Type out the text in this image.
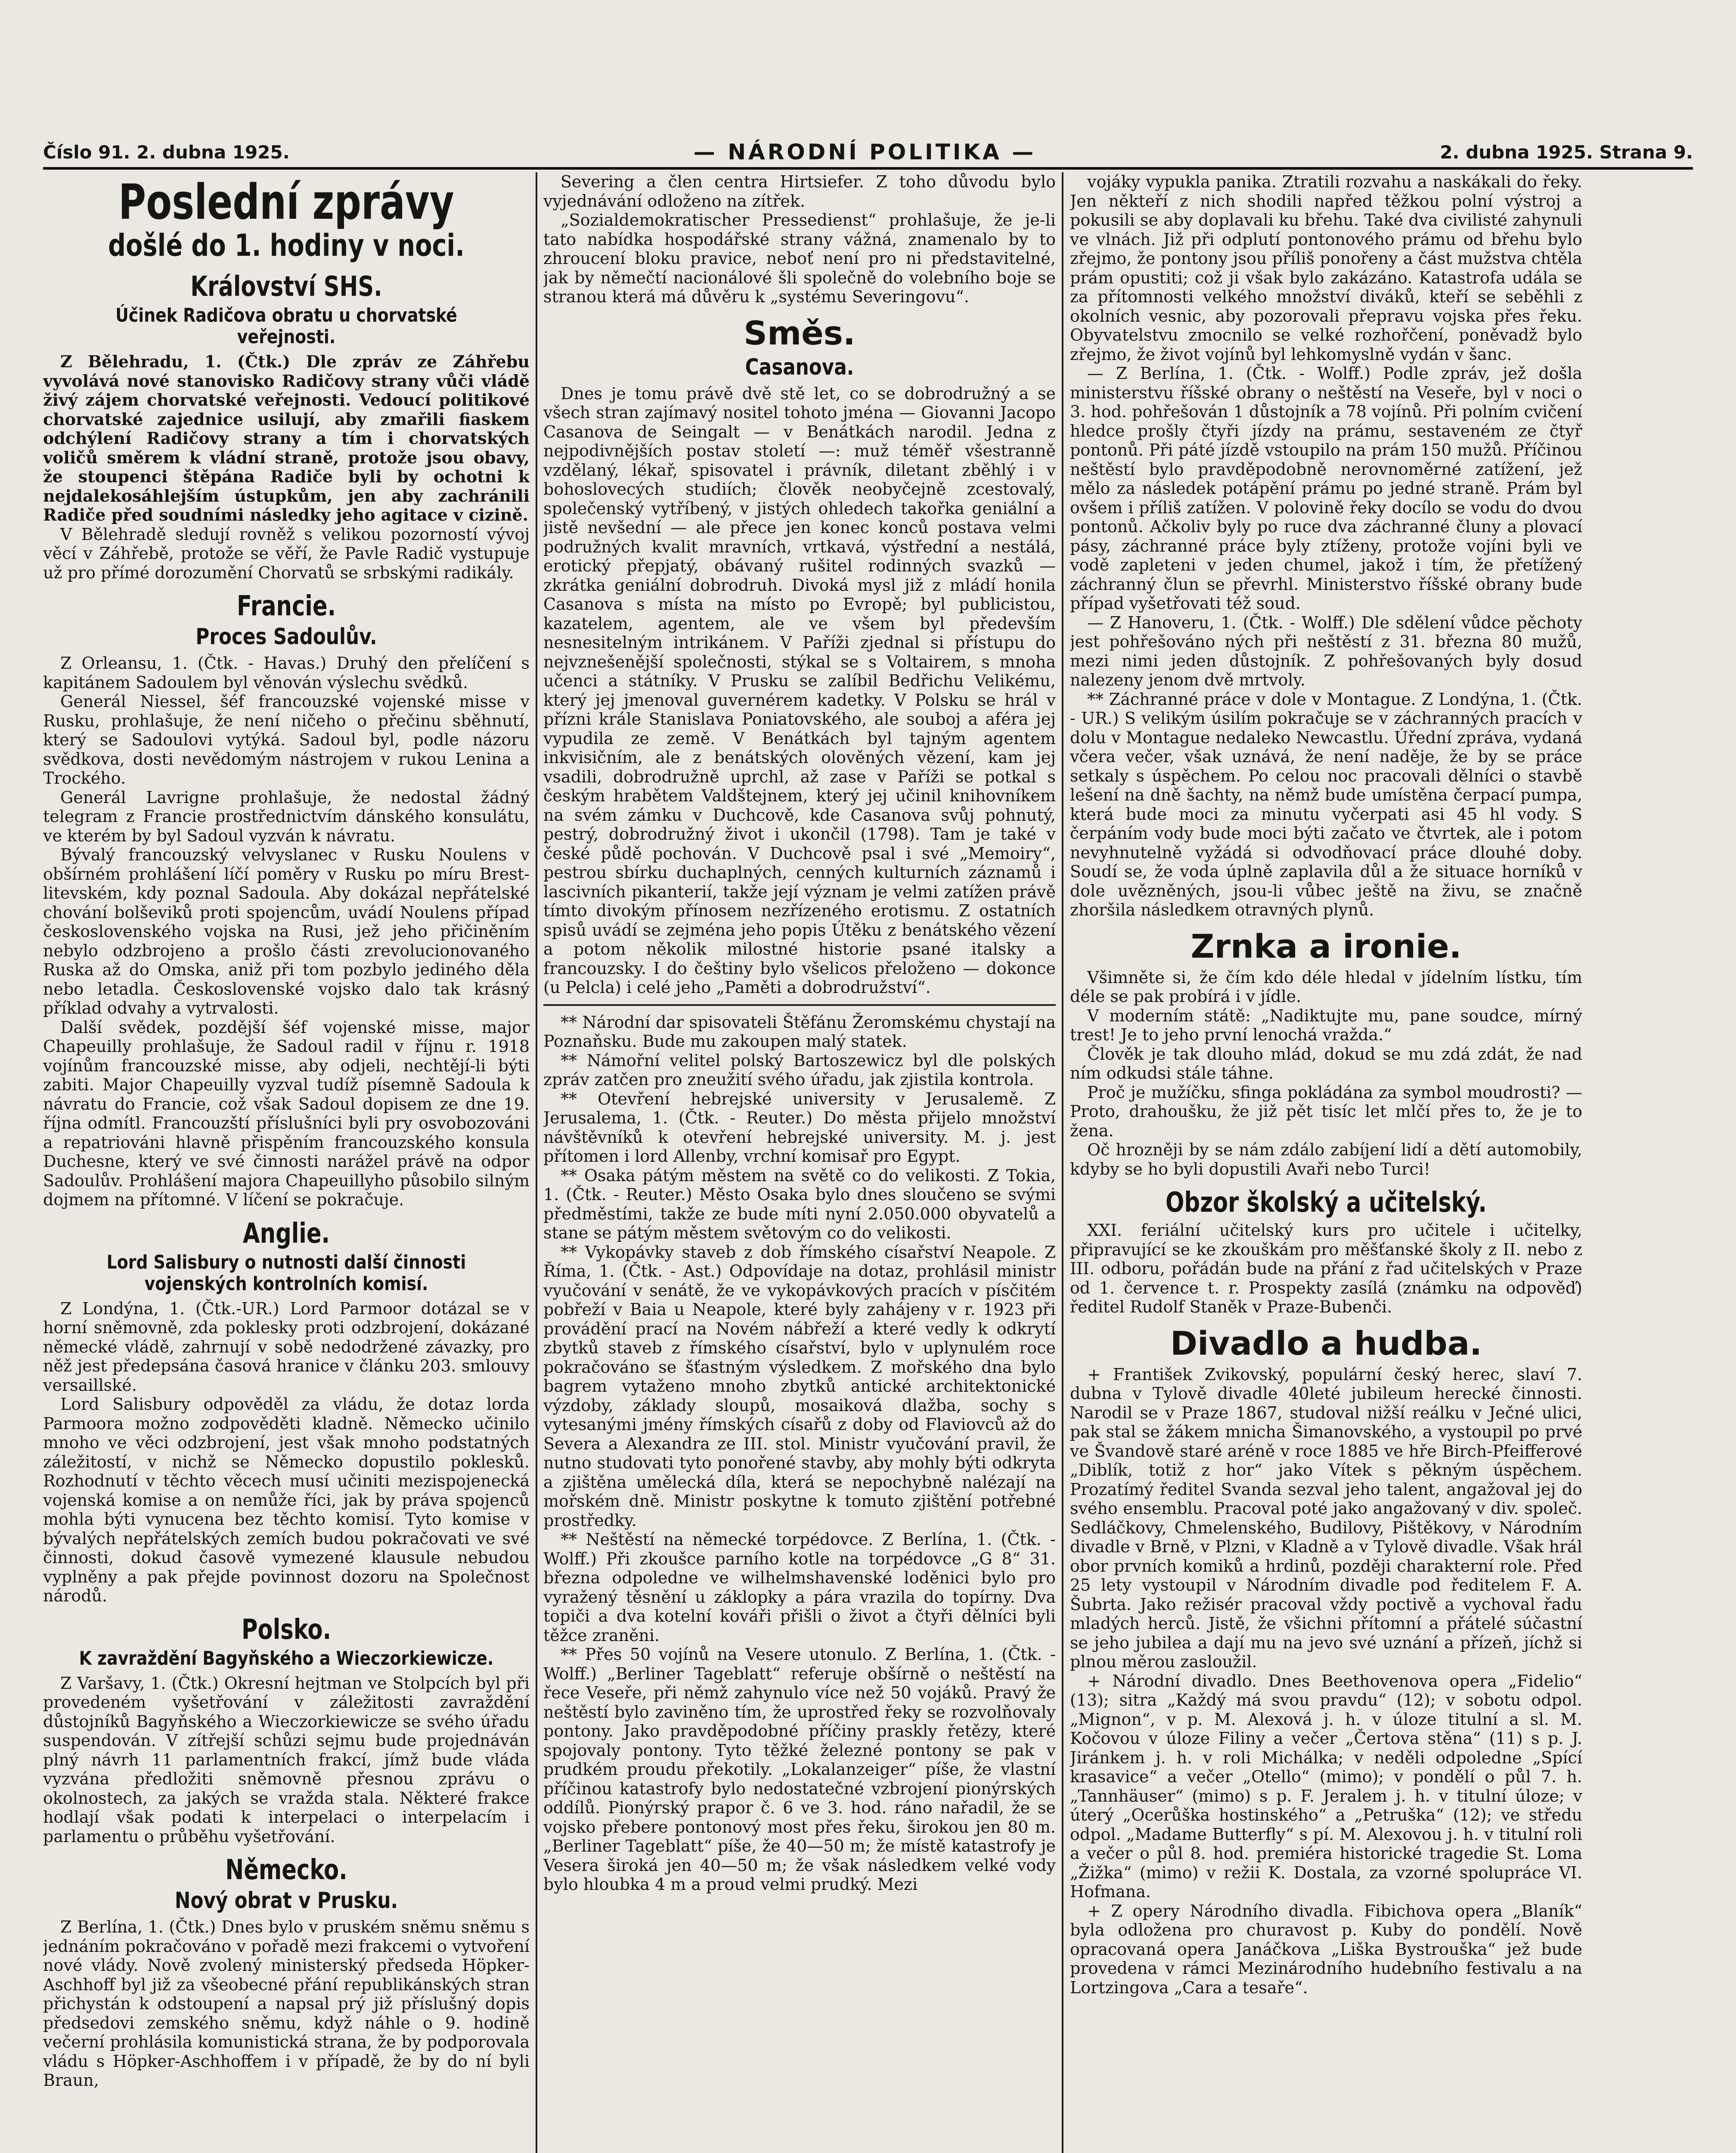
Číslo 91. 2. dubna 1925.	— NÁRODNÍ POLITIKA —	2. dubna 1925. Strana 9.
Poslední zprávy
došlé do 1. hodiny v noci.
Království SHS.
Účinek Radičova obratu u chorvatské veřejnosti.

Z Bělehradu, 1. (Čtk.) Dle zpráv ze Záhřebu vyvolává nové stanovisko Radičovy strany vůči vládě živý zájem chorvatské veřejnosti. Vedoucí politikové chorvatské zajednice usilují, aby zmařili fiaskem odchýlení Radičovy strany a tím i chorvatských voličů směrem k vládní straně, protože jsou obavy, že stoupenci štěpána Radiče byli by ochotni k nejdalekosáhlejším ústupkům, jen aby zachránili Radiče před soudními následky jeho agitace v cizině.

V Bělehradě sledují rovněž s velikou pozorností vývoj věcí v Záhřebě, protože se věří, že Pavle Radič vystupuje už pro přímé dorozumění Chorvatů se srbskými radikály.

Francie.
Proces Sadoulův.

Z Orleansu, 1. (Čtk. - Havas.) Druhý den přelíčení s kapitánem Sadoulem byl věnován výslechu svědků.

Generál Niessel, šéf francouzské vojenské misse v Rusku, prohlašuje, že není ničeho o přečinu sběhnutí, který se Sadoulovi vytýká. Sadoul byl, podle názoru svědkova, dosti nevědomým nástrojem v rukou Lenina a Trockého.

Generál Lavrigne prohlašuje, že nedostal žádný telegram z Francie prostřednictvím dánského konsulátu, ve kterém by byl Sadoul vyzván k návratu.

Bývalý francouzský velvyslanec v Rusku Noulens v obšírném prohlášení líčí poměry v Rusku po míru Brest-litevském, kdy poznal Sadoula. Aby dokázal nepřátelské chování bolševiků proti spojencům, uvádí Noulens případ československého vojska na Rusi, jež jeho přičiněním nebylo odzbrojeno a prošlo části zrevolucionovaného Ruska až do Omska, aniž při tom pozbylo jediného děla nebo letadla. Československé vojsko dalo tak krásný příklad odvahy a vytrvalosti.

Další svědek, pozdější šéf vojenské misse, major Chapeuilly prohlašuje, že Sadoul radil v říjnu r. 1918 vojínům francouzské misse, aby odjeli, nechtějí-li býti zabiti. Major Chapeuilly vyzval tudíž písemně Sadoula k návratu do Francie, což však Sadoul dopisem ze dne 19. října odmítl. Francouzští příslušníci byli pry osvobozováni a repatriováni hlavně přispěním francouzského konsula Duchesne, který ve své činnosti narážel právě na odpor Sadoulův. Prohlášení majora Chapeuillyho působilo silným dojmem na přítomné. V líčení se pokračuje.

Anglie.
Lord Salisbury o nutnosti další činnosti vojenských kontrolních komisí.

Z Londýna, 1. (Čtk.-UR.) Lord Parmoor dotázal se v horní sněmovně, zda poklesky proti odzbrojení, dokázané německé vládě, zahrnují v sobě nedodržené závazky, pro něž jest předepsána časová hranice v článku 203. smlouvy versaillské.

Lord Salisbury odpověděl za vládu, že dotaz lorda Parmoora možno zodpověděti kladně. Německo učinilo mnoho ve věci odzbrojení, jest však mnoho podstatných záležitostí, v nichž se Německo dopustilo poklesků. Rozhodnutí v těchto věcech musí učiniti mezispojenecká vojenská komise a on nemůže říci, jak by práva spojenců mohla býti vynucena bez těchto komisí. Tyto komise v bývalých nepřátelských zemích budou pokračovati ve své činnosti, dokud časově vymezené klausule nebudou vyplněny a pak přejde povinnost dozoru na Společnost národů.

Polsko.
K zavraždění Bagyňského a Wieczorkiewicze.

Z Varšavy, 1. (Čtk.) Okresní hejtman ve Stolpcích byl při provedeném vyšetřování v záležitosti zavraždění důstojníků Bagyňského a Wieczorkiewicze se svého úřadu suspendován. V zítřejší schůzi sejmu bude projednáván plný návrh 11 parlamentních frakcí, jímž bude vláda vyzvána předložiti sněmovně přesnou zprávu o okolnostech, za jakých se vražda stala. Některé frakce hodlají však podati k interpelaci o interpelacím i parlamentu o průběhu vyšetřování.

Německo.
Nový obrat v Prusku.

Z Berlína, 1. (Čtk.) Dnes bylo v pruském sněmu sněmu s jednáním pokračováno v pořadě mezi frakcemi o vytvoření nové vlády. Nově zvolený ministerský předseda Höpker-Aschhoff byl již za všeobecné přání republikánských stran přichystán k odstoupení a napsal prý již příslušný dopis předsedovi zemského sněmu, když náhle o 9. hodině večerní prohlásila komunistická strana, že by podporovala vládu s Höpker-Aschhoffem i v případě, že by do ní byli Braun,

Severing a člen centra Hirtsiefer. Z toho důvodu bylo vyjednávání odloženo na zítřek.

„Sozialdemokratischer Pressedienst“ prohlašuje, že je-li tato nabídka hospodářské strany vážná, znamenalo by to zhroucení bloku pravice, neboť není pro ni představitelné, jak by němečtí nacionálové šli společně do volebního boje se stranou která má důvěru k „systému Severingovu“.

Směs.
Casanova.

Dnes je tomu právě dvě stě let, co se dobrodružný a se všech stran zajímavý nositel tohoto jména — Giovanni Jacopo Casanova de Seingalt — v Benátkách narodil. Jedna z nejpodivnějších postav století —: muž téměř všestranně vzdělaný, lékař, spisovatel i právník, diletant zběhlý i v bohoslovecých studiích; člověk neobyčejně zcestovalý, společenský vytříbený, v jistých ohledech takořka geniální a jistě nevšední — ale přece jen konec konců postava velmi podružných kvalit mravních, vrtkavá, výstřední a nestálá, erotický přepjatý, obávaný rušitel rodinných svazků — zkrátka geniální dobrodruh. Divoká mysl již z mládí honila Casanova s místa na místo po Evropě; byl publicistou, kazatelem, agentem, ale ve všem byl především nesnesitelným intrikánem. V Paříži zjednal si přístupu do nejvznešenější společnosti, stýkal se s Voltairem, s mnoha učenci a státníky. V Prusku se zalíbil Bedřichu Velikému, který jej jmenoval guvernérem kadetky. V Polsku se hrál v přízni krále Stanislava Poniatovského, ale souboj a aféra jej vypudila ze země. V Benátkách byl tajným agentem inkvisičním, ale z benátských olověných vězení, kam jej vsadili, dobrodružně uprchl, až zase v Paříži se potkal s českým hrabětem Valdštejnem, který jej učinil knihovníkem na svém zámku v Duchcově, kde Casanova svůj pohnutý, pestrý, dobrodružný život i ukončil (1798). Tam je také v české půdě pochován. V Duchcově psal i své „Memoiry“, pestrou sbírku duchaplných, cenných kulturních záznamů i lascivních pikanterií, takže její význam je velmi zatížen právě tímto divokým přínosem nezřízeného erotismu. Z ostatních spisů uvádí se zejména jeho popis Útěku z benátského vězení a potom několik milostné historie psané italsky a francouzsky. I do češtiny bylo všelicos přeloženo — dokonce (u Pelcla) i celé jeho „Paměti a dobrodružství“.

** Národní dar spisovateli Štěfánu Žeromskému chystají na Poznaňsku. Bude mu zakoupen malý statek.

** Námořní velitel polský Bartoszewicz byl dle polských zpráv zatčen pro zneužití svého úřadu, jak zjistila kontrola.

** Otevření hebrejské university v Jerusalemě. Z Jerusalema, 1. (Čtk. - Reuter.) Do města přijelo množství návštěvníků k otevření hebrejské university. M. j. jest přítomen i lord Allenby, vrchní komisař pro Egypt.

** Osaka pátým městem na světě co do velikosti. Z Tokia, 1. (Čtk. - Reuter.) Město Osaka bylo dnes sloučeno se svými předměstími, takže ze bude míti nyní 2.050.000 obyvatelů a stane se pátým městem světovým co do velikosti.

** Vykopávky staveb z dob římského císařství Neapole. Z Říma, 1. (Čtk. - Ast.) Odpovídaje na dotaz, prohlásil ministr vyučování v senátě, že ve vykopávkových pracích v písčitém pobřeží v Baia u Neapole, které byly zahájeny v r. 1923 při provádění prací na Novém nábřeží a které vedly k odkrytí zbytků staveb z římského císařství, bylo v uplynulém roce pokračováno se šťastným výsledkem. Z mořského dna bylo bagrem vytaženo mnoho zbytků antické architektonické výzdoby, základy sloupů, mosaiková dlažba, sochy s vytesanými jmény římských císařů z doby od Flaviovců až do Severa a Alexandra ze III. stol. Ministr vyučování pravil, že nutno studovati tyto ponořené stavby, aby mohly býti odkryta a zjištěna umělecká díla, která se nepochybně nalézají na mořském dně. Ministr poskytne k tomuto zjištění potřebné prostředky.

** Neštěstí na německé torpédovce. Z Berlína, 1. (Čtk. - Wolff.) Při zkoušce parního kotle na torpédovce „G 8“ 31. března odpoledne ve wilhelmshavenské loděnici bylo pro vyražený těsnění u záklopky a pára vrazila do topírny. Dva topiči a dva kotelní kováři přišli o život a čtyři dělníci byli těžce zraněni.

** Přes 50 vojínů na Vesere utonulo. Z Berlína, 1. (Čtk. - Wolff.) „Berliner Tageblatt“ referuje obšírně o neštěstí na řece Veseře, při němž zahynulo více než 50 vojáků. Pravý že neštěstí bylo zaviněno tím, že uprostřed řeky se rozvolňovaly pontony. Jako pravděpodobné příčiny praskly řetězy, které spojovaly pontony. Tyto těžké železné pontony se pak v prudkém proudu překotily. „Lokalanzeiger“ píše, že vlastní příčinou katastrofy bylo nedostatečné vzbrojení pionýrských oddílů. Pionýrský prapor č. 6 ve 3. hod. ráno nařadil, že se vojsko přebere pontonový most přes řeku, širokou jen 80 m. „Berliner Tageblatt“ píše, že 40—50 m; že místě katastrofy je Vesera široká jen 40—50 m; že však následkem velké vody bylo hloubka 4 m a proud velmi prudký. Mezi

vojáky vypukla panika. Ztratili rozvahu a naskákali do řeky. Jen někteří z nich shodili napřed těžkou polní výstroj a pokusili se aby doplavali ku břehu. Také dva civilisté zahynuli ve vlnách. Již při odplutí pontonového prámu od břehu bylo zřejmo, že pontony jsou příliš ponořeny a část mužstva chtěla prám opustiti; což ji však bylo zakázáno. Katastrofa udála se za přítomnosti velkého množství diváků, kteří se seběhli z okolních vesnic, aby pozorovali přepravu vojska přes řeku. Obyvatelstvu zmocnilo se velké rozhořčení, poněvadž bylo zřejmo, že život vojínů byl lehkomyslně vydán v šanc.

— Z Berlína, 1. (Čtk. - Wolff.) Podle zpráv, jež došla ministerstvu říšské obrany o neštěstí na Veseře, byl v noci o 3. hod. pohřešován 1 důstojník a 78 vojínů. Při polním cvičení hledce prošly čtyři jízdy na prámu, sestaveném ze čtyř pontonů. Při páté jízdě vstoupilo na prám 150 mužů. Příčinou neštěstí bylo pravděpodobně nerovnoměrné zatížení, jež mělo za následek potápění prámu po jedné straně. Prám byl ovšem i příliš zatížen. V polovině řeky docílo se vodu do dvou pontonů. Ačkoliv byly po ruce dva záchranné čluny a plovací pásy, záchranné práce byly ztíženy, protože vojíni byli ve vodě zapleteni v jeden chumel, jakož i tím, že přetížený záchranný člun se převrhl. Ministerstvo říšské obrany bude případ vyšetřovati též soud.

— Z Hanoveru, 1. (Čtk. - Wolff.) Dle sdělení vůdce pěchoty jest pohřešováno ných při neštěstí z 31. března 80 mužů, mezi nimi jeden důstojník. Z pohřešovaných byly dosud nalezeny jenom dvě mrtvoly.

** Záchranné práce v dole v Montague. Z Londýna, 1. (Čtk. - UR.) S velikým úsilím pokračuje se v záchranných pracích v dolu v Montague nedaleko Newcastlu. Úřední zpráva, vydaná včera večer, však uznává, že není naděje, že by se práce setkaly s úspěchem. Po celou noc pracovali dělníci o stavbě lešení na dně šachty, na němž bude umístěna čerpací pumpa, která bude moci za minutu vyčerpati asi 45 hl vody. S čerpáním vody bude moci býti začato ve čtvrtek, ale i potom nevyhnutelně vyžádá si odvodňovací práce dlouhé doby. Soudí se, že voda úplně zaplavila důl a že situace horníků v dole uvězněných, jsou-li vůbec ještě na živu, se značně zhoršila následkem otravných plynů.

Zrnka a ironie.

Všimněte si, že čím kdo déle hledal v jídelním lístku, tím déle se pak probírá i v jídle.

V moderním státě: „Nadiktujte mu, pane soudce, mírný trest! Je to jeho první lenochá vražda.“

Člověk je tak dlouho mlád, dokud se mu zdá zdát, že nad ním odkudsi stále táhne.

Proč je mužíčku, sfinga pokládána za symbol moudrosti? — Proto, drahoušku, že již pět tisíc let mlčí přes to, že je to žena.

Oč hrozněji by se nám zdálo zabíjení lidí a dětí automobily, kdyby se ho byli dopustili Avaři nebo Turci!

Obzor školský a učitelský.

XXI. feriální učitelský kurs pro učitele i učitelky, připravující se ke zkouškám pro měšťanské školy z II. nebo z III. odboru, pořádán bude na přání z řad učitelských v Praze od 1. července t. r. Prospekty zasílá (známku na odpověď) ředitel Rudolf Staněk v Praze-Bubenči.

Divadlo a hudba.

+ František Zvikovský, populární český herec, slaví 7. dubna v Tylově divadle 40leté jubileum herecké činnosti. Narodil se v Praze 1867, studoval nižší reálku v Ječné ulici, pak stal se žákem mnicha Šimanovského, a vystoupil po prvé ve Švandově staré aréně v roce 1885 ve hře Birch-Pfeifferové „Diblík, totiž z hor“ jako Vítek s pěkným úspěchem. Prozatímý ředitel Svanda sezval jeho talent, angažoval jej do svého ensemblu. Pracoval poté jako angažovaný v div. společ. Sedláčkovy, Chmelenského, Budilovy, Pištěkovy, v Národním divadle v Brně, v Plzni, v Kladně a v Tylově divadle. Však hrál obor prvních komiků a hrdinů, později charakterní role. Před 25 lety vystoupil v Národním divadle pod ředitelem F. A. Šubrta. Jako režisér pracoval vždy poctivě a vychoval řadu mladých herců. Jistě, že všichni přítomní a přátelé súčastní se jeho jubilea a dají mu na jevo své uznání a přízeň, jíchž si plnou měrou zasloužil.

+ Národní divadlo. Dnes Beethovenova opera „Fidelio“ (13); sitra „Každý má svou pravdu“ (12); v sobotu odpol. „Mignon“, v p. M. Alexová j. h. v úloze titulní a sl. M. Kočovou v úloze Filiny a večer „Čertova stěna“ (11) s p. J. Jiránkem j. h. v roli Michálka; v neděli odpoledne „Spící krasavice“ a večer „Otello“ (mimo); v pondělí o půl 7. h. „Tannhäuser“ (mimo) s p. F. Jeralem j. h. v titulní úloze; v úterý „Ocerůška hostinského“ a „Petruška“ (12); ve středu odpol. „Madame Butterfly“ s pí. M. Alexovou j. h. v titulní roli a večer o půl 8. hod. premiéra historické tragedie St. Loma „Žižka“ (mimo) v režii K. Dostala, za vzorné spolupráce VI. Hofmana.

+ Z opery Národního divadla. Fibichova opera „Blaník“ byla odložena pro churavost p. Kuby do pondělí. Nově opracovaná opera Janáčkova „Liška Bystrouška“ jež bude provedena v rámci Mezinárodního hudebního festivalu a na Lortzingova „Cara a tesaře“.
